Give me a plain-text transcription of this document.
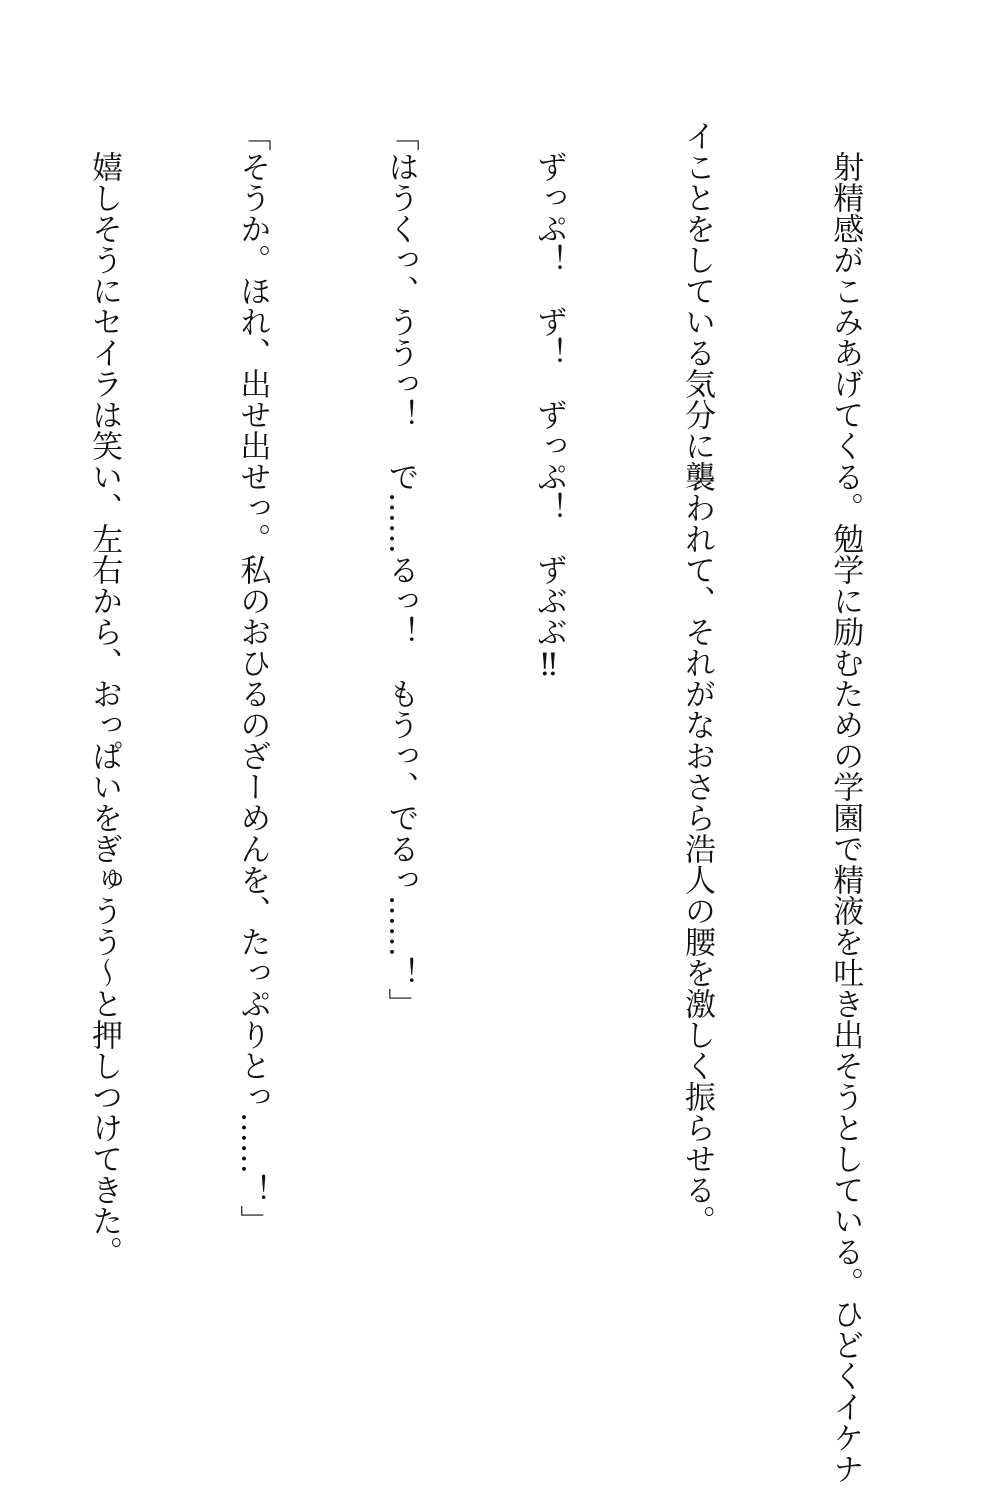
　射精感がこみあげてくる。勉学に励むための学園で精液を吐き出そうとしている。ひどくイケナ

イことをしている気分に襲われて、それがなおさら浩人の腰を激しく振らせる。

　ずっぷ！　ず！　ずっぷ！　ずぶぶ‼

「はうくっ、ううっ！　で……るっ！　もうっ、でるっ……！」

「そうか。ほれ、出せ出せっ。私のおひるのざーめんを、たっぷりとっ……！」

　嬉しそうにセイラは笑い、左右から、おっぱいをぎゅうう〜と押しつけてきた。
